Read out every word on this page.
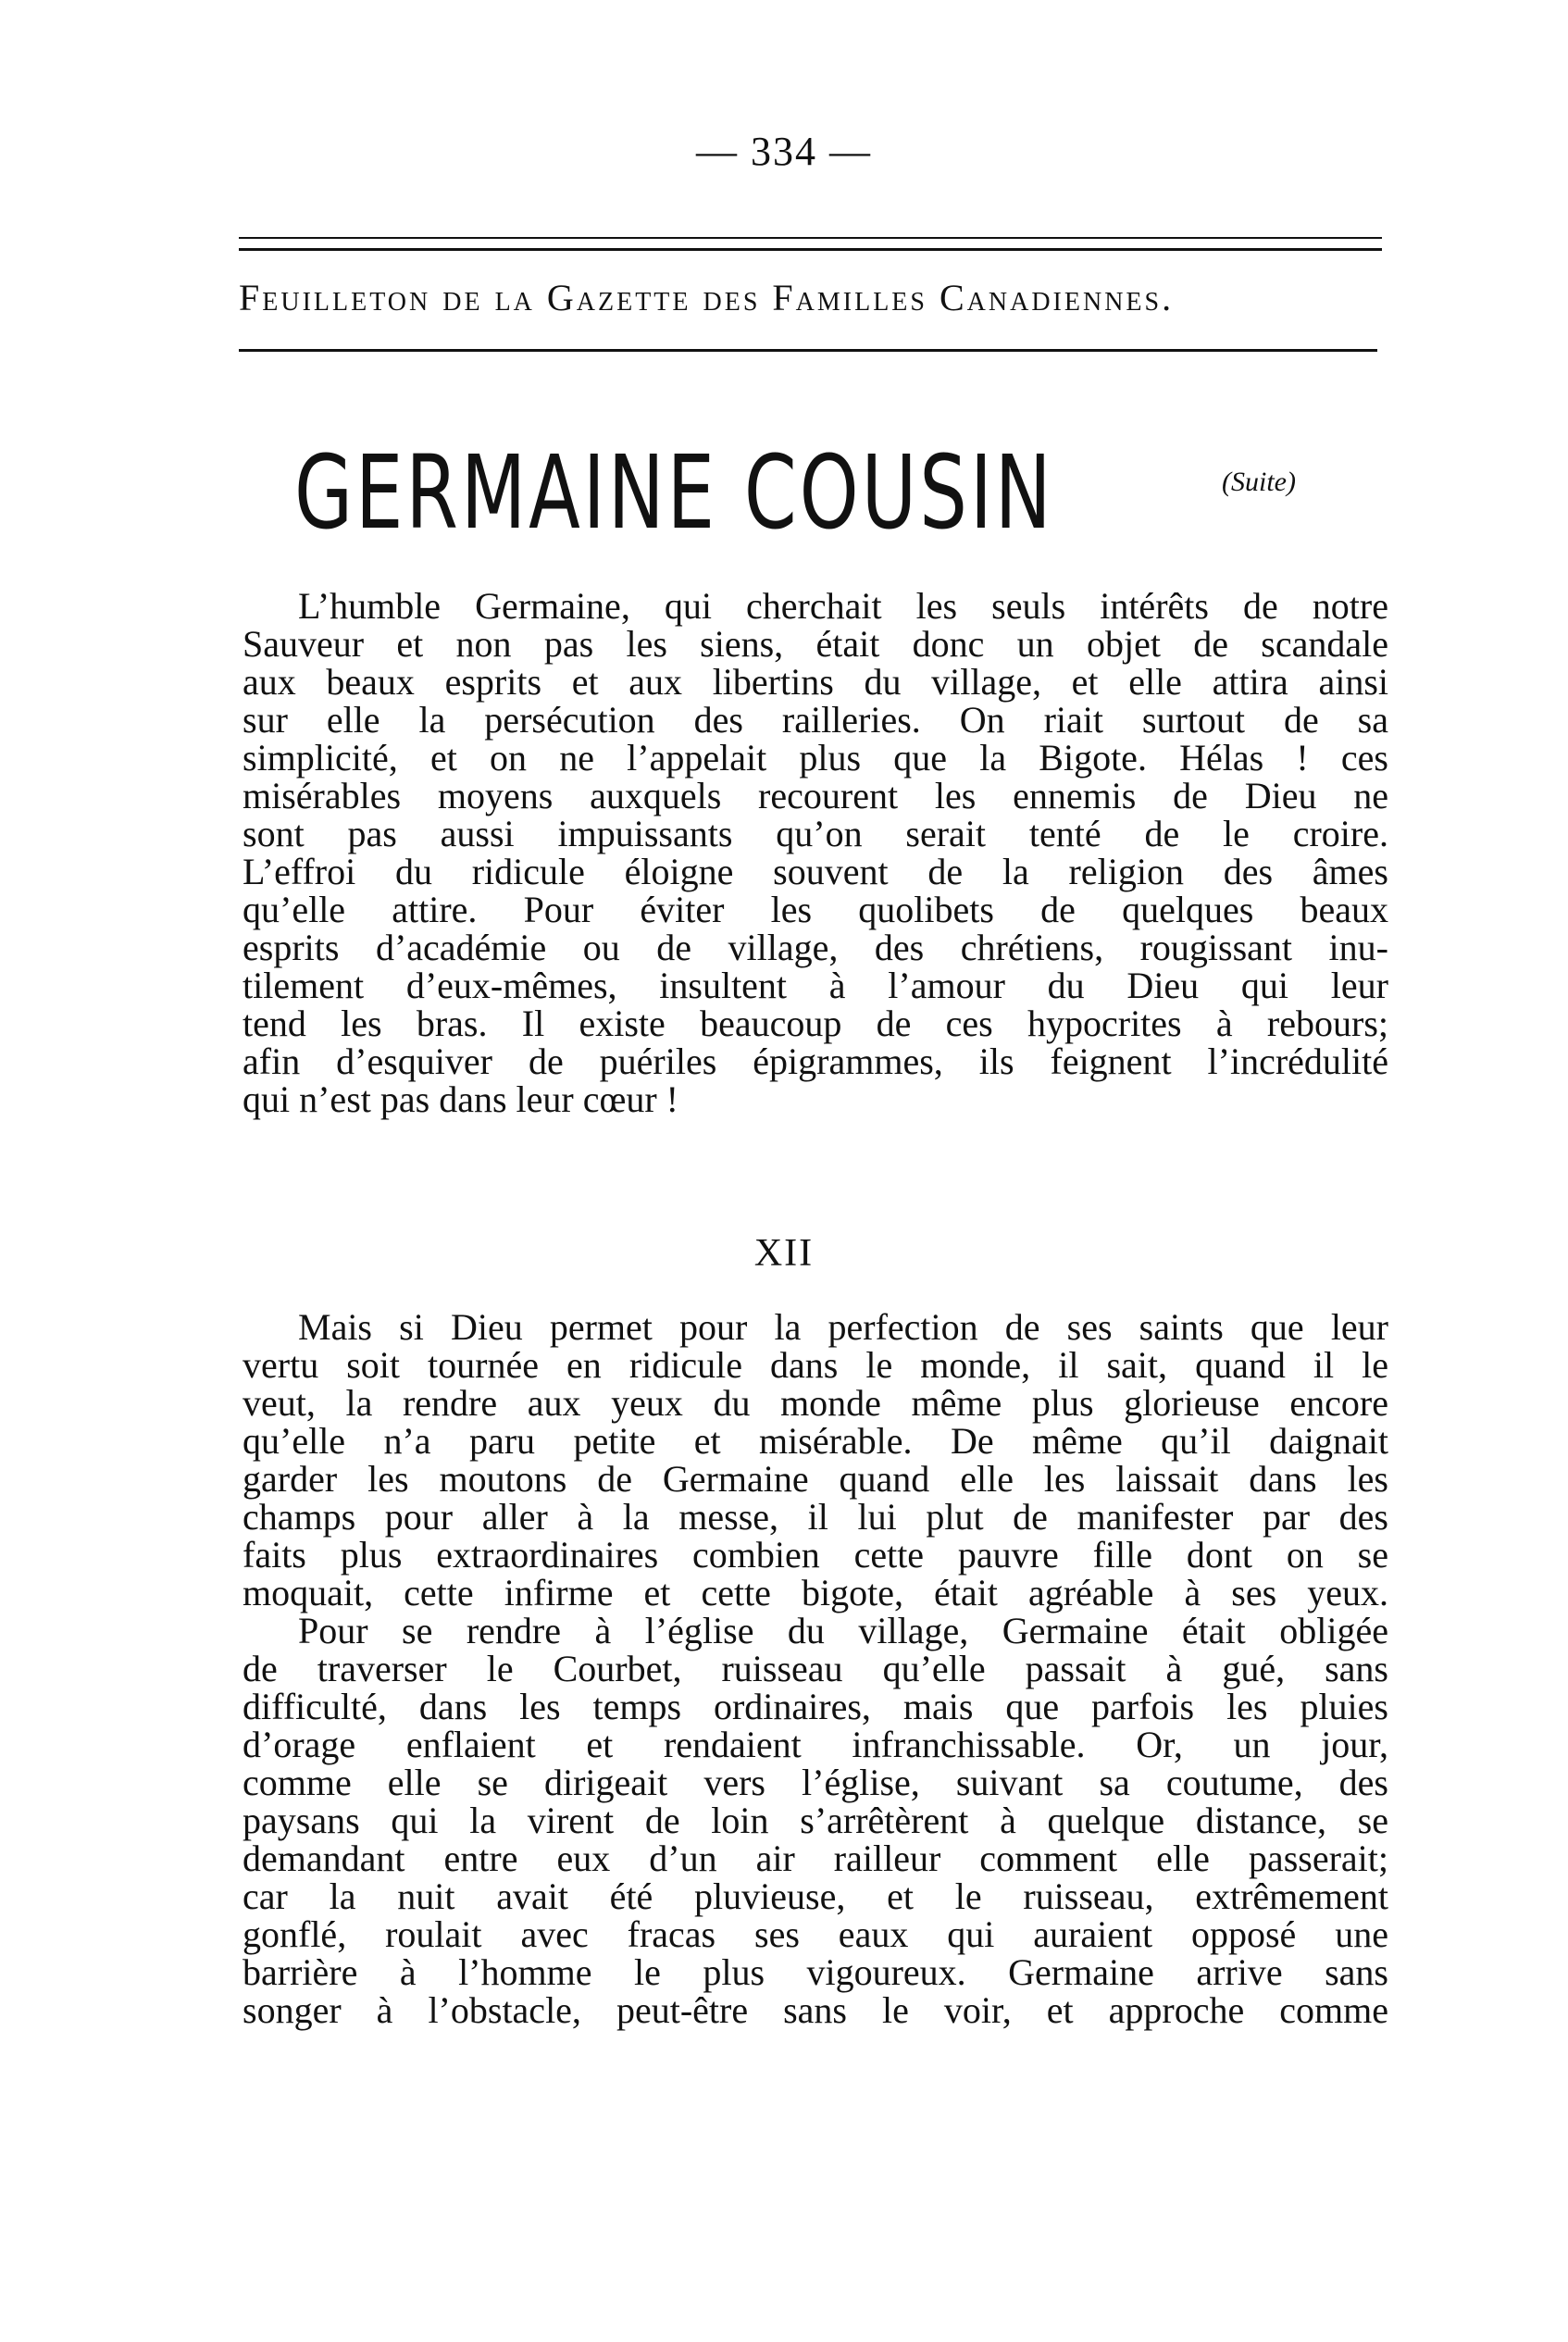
— 334 —
Feuilleton de la Gazette des Familles Canadiennes.
GERMAINE COUSIN	(Suite)
L’humble Germaine, qui cherchait les seuls intérêts de notre
Sauveur et non pas les siens, était donc un objet de scandale
aux beaux esprits et aux libertins du village, et elle attira ainsi
sur elle la persécution des railleries. On riait surtout de sa
simplicité, et on ne l’appelait plus que la Bigote. Hélas ! ces
misérables moyens auxquels recourent les ennemis de Dieu ne
sont pas aussi impuissants qu’on serait tenté de le croire.
L’effroi du ridicule éloigne souvent de la religion des âmes
qu’elle attire. Pour éviter les quolibets de quelques beaux
esprits d’académie ou de village, des chrétiens, rougissant inu-
tilement d’eux-mêmes, insultent à l’amour du Dieu qui leur
tend les bras. Il existe beaucoup de ces hypocrites à rebours;
afin d’esquiver de puériles épigrammes, ils feignent l’incrédulité
qui n’est pas dans leur cœur !
XII
Mais si Dieu permet pour la perfection de ses saints que leur
vertu soit tournée en ridicule dans le monde, il sait, quand il le
veut, la rendre aux yeux du monde même plus glorieuse encore
qu’elle n’a paru petite et misérable. De même qu’il daignait
garder les moutons de Germaine quand elle les laissait dans les
champs pour aller à la messe, il lui plut de manifester par des
faits plus extraordinaires combien cette pauvre fille dont on se
moquait, cette infirme et cette bigote, était agréable à ses yeux.
Pour se rendre à l’église du village, Germaine était obligée
de traverser le Courbet, ruisseau qu’elle passait à gué, sans
difficulté, dans les temps ordinaires, mais que parfois les pluies
d’orage enflaient et rendaient infranchissable. Or, un jour,
comme elle se dirigeait vers l’église, suivant sa coutume, des
paysans qui la virent de loin s’arrêtèrent à quelque distance, se
demandant entre eux d’un air railleur comment elle passerait;
car la nuit avait été pluvieuse, et le ruisseau, extrêmement
gonflé, roulait avec fracas ses eaux qui auraient opposé une
barrière à l’homme le plus vigoureux. Germaine arrive sans
songer à l’obstacle, peut-être sans le voir, et approche comme
